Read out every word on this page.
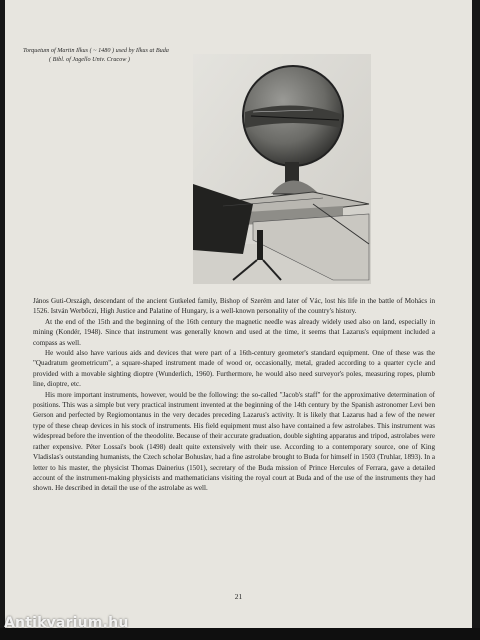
Torquetum of Martin Ilkus ( ~ 1480 ) used by Ilkus at Buda
( Bibl. of Jagello Univ. Cracow )

János Guti-Országh, descendant of the ancient Gutkeled family, Bishop of Szerém and later of Vác, lost his life in the battle of Mohács in 1526. István Werbőczi, High Justice and Palatine of Hungary, is a well-known personality of the country's history.

At the end of the 15th and the beginning of the 16th century the magnetic needle was already widely used also on land, especially in mining (Kondér, 1948). Since that instrument was generally known and used at the time, it seems that Lazarus's equipment included a compass as well.

He would also have various aids and devices that were part of a 16th-century geometer's standard equipment. One of these was the "Quadratum geometricum", a square-shaped instrument made of wood or, occasionally, metal, graded according to a quarter cycle and provided with a movable sighting dioptre (Wunderlich, 1960). Furthermore, he would also need surveyor's poles, measuring ropes, plumb line, dioptre, etc.

His more important instruments, however, would be the following: the so-called "Jacob's staff" for the approximative determination of positions. This was a simple but very practical instrument invented at the beginning of the 14th century by the Spanish astronomer Levi ben Gerson and perfected by Regiomontanus in the very decades preceding Lazarus's activity. It is likely that Lazarus had a few of the newer type of these cheap devices in his stock of instruments. His field equipment must also have contained a few astrolabes. This instrument was widespread before the invention of the theodolite. Because of their accurate graduation, double sighting apparatus and tripod, astrolabes were rather expensive. Péter Lossai's book (1498) dealt quite extensively with their use. According to a contemporary source, one of King Vladislas's outstanding humanists, the Czech scholar Bohuslav, had a fine astrolabe brought to Buda for himself in 1503 (Truhlar, 1893). In a letter to his master, the physicist Thomas Dainerius (1501), secretary of the Buda mission of Prince Hercules of Ferrara, gave a detailed account of the instrument-making physicists and mathematicians visiting the royal court at Buda and of the use of the instruments they had shown. He described in detail the use of the astrolabe as well.

21
Antikvarium.hu
